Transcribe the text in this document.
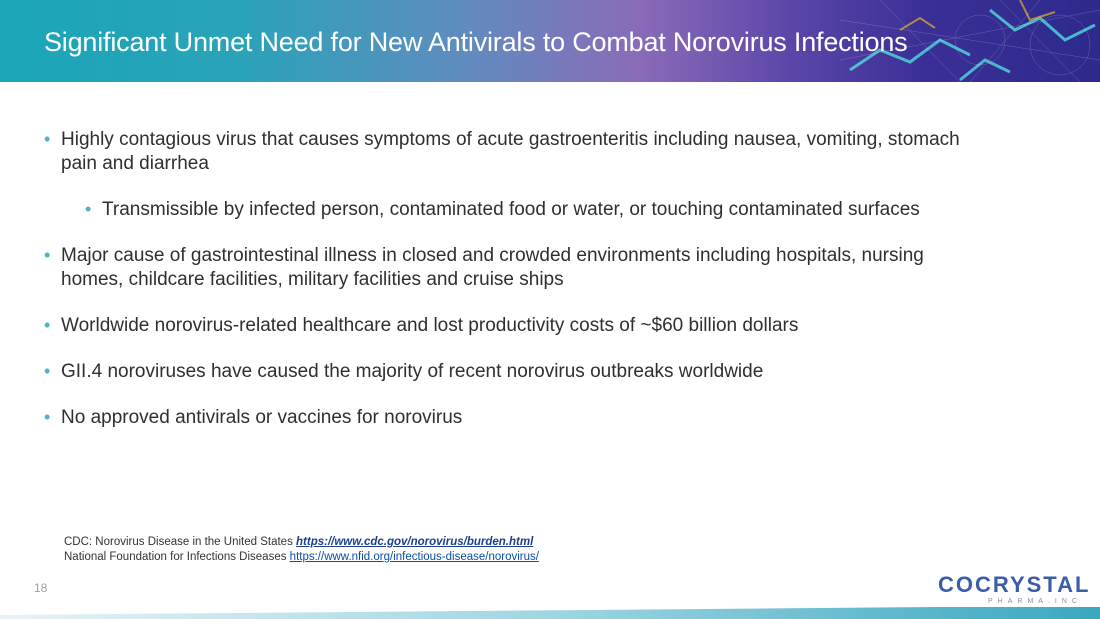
Significant Unmet Need for New Antivirals to Combat Norovirus Infections
• Highly contagious virus that causes symptoms of acute gastroenteritis including nausea, vomiting, stomach pain and diarrhea
• Transmissible by infected person, contaminated food or water, or touching contaminated surfaces
• Major cause of gastrointestinal illness in closed and crowded environments including hospitals, nursing homes, childcare facilities, military facilities and cruise ships
• Worldwide norovirus-related healthcare and lost productivity costs of ~$60 billion dollars
• GII.4 noroviruses have caused the majority of recent norovirus outbreaks worldwide
• No approved antivirals or vaccines for norovirus
CDC: Norovirus Disease in the United States https://www.cdc.gov/norovirus/burden.html
National Foundation for Infections Diseases https://www.nfid.org/infectious-disease/norovirus/
18	COCRYSTAL
PHARMA.INC
